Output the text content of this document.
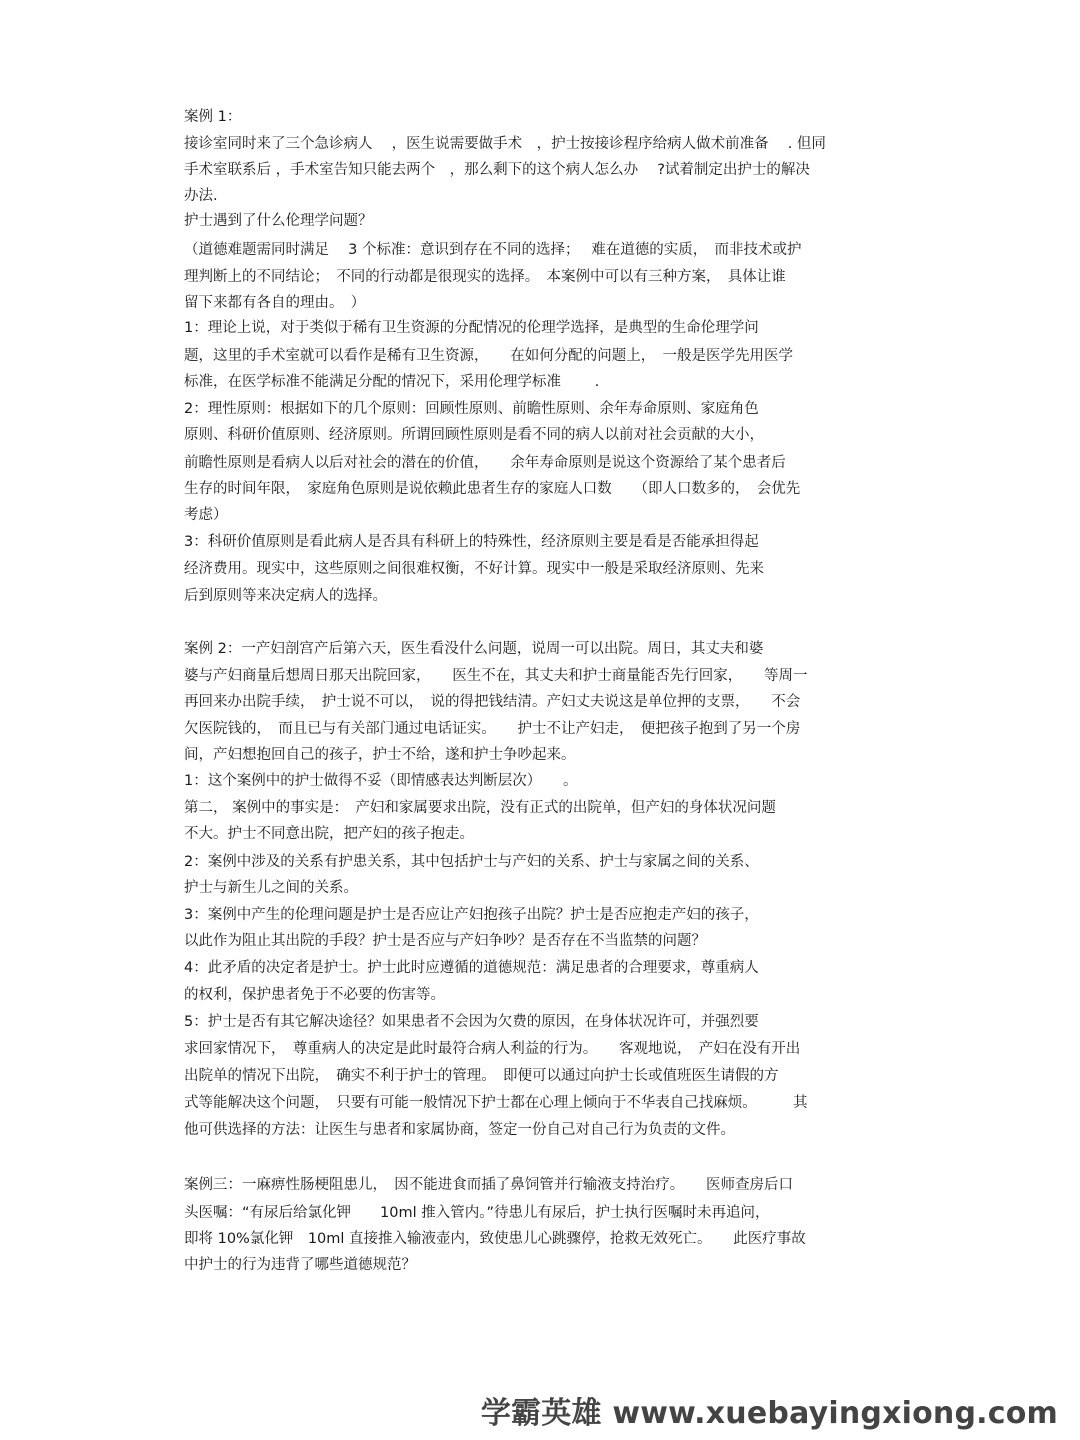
案例 1：
接诊室同时来了三个急诊病人　 ，医生说需要做手术　，护士按接诊程序给病人做术前准备　 . 但同
手术室联系后 ，手术室告知只能去两个　，那么剩下的这个病人怎么办　 ?试着制定出护士的解决
办法.
护士遇到了什么伦理学问题？
（道德难题需同时满足　 3 个标准：意识到存在不同的选择；　 难在道德的实质，　而非技术或护
理判断上的不同结论；　不同的行动都是很现实的选择。　本案例中可以有三种方案，　具体让谁
留下来都有各自的理由。　）
1：理论上说，对于类似于稀有卫生资源的分配情况的伦理学选择，是典型的生命伦理学问
题，这里的手术室就可以看作是稀有卫生资源，　　在如何分配的问题上，　一般是医学先用医学
标准，在医学标准不能满足分配的情况下，采用伦理学标准　　 .
2：理性原则：根据如下的几个原则：回顾性原则、前瞻性原则、余年寿命原则、家庭角色
原则、科研价值原则、经济原则。所谓回顾性原则是看不同的病人以前对社会贡献的大小，
前瞻性原则是看病人以后对社会的潜在的价值，　　余年寿命原则是说这个资源给了某个患者后
生存的时间年限，　家庭角色原则是说依赖此患者生存的家庭人口数　　（即人口数多的，　会优先
考虑）
3：科研价值原则是看此病人是否具有科研上的特殊性，经济原则主要是看是否能承担得起
经济费用。现实中，这些原则之间很难权衡，不好计算。现实中一般是采取经济原则、先来
后到原则等来决定病人的选择。
案例 2：一产妇剖宫产后第六天，医生看没什么问题，说周一可以出院。周日，其丈夫和婆
婆与产妇商量后想周日那天出院回家，　　医生不在，其丈夫和护士商量能否先行回家，　　等周一
再回来办出院手续，　护士说不可以，　说的得把钱结清。产妇丈夫说这是单位押的支票，　　不会
欠医院钱的，　而且已与有关部门通过电话证实。　　护士不让产妇走，　便把孩子抱到了另一个房
间，产妇想抱回自己的孩子，护士不给，遂和护士争吵起来。
1：这个案例中的护士做得不妥（即情感表达判断层次）　　。
第二， 案例中的事实是：　产妇和家属要求出院，没有正式的出院单，但产妇的身体状况问题
不大。护士不同意出院，把产妇的孩子抱走。
2：案例中涉及的关系有护患关系，其中包括护士与产妇的关系、护士与家属之间的关系、
护士与新生儿之间的关系。
3：案例中产生的伦理问题是护士是否应让产妇抱孩子出院？护士是否应抱走产妇的孩子，
以此作为阻止其出院的手段？护士是否应与产妇争吵？是否存在不当监禁的问题？
4：此矛盾的决定者是护士。护士此时应遵循的道德规范：满足患者的合理要求，尊重病人
的权利，保护患者免于不必要的伤害等。
5：护士是否有其它解决途径？如果患者不会因为欠费的原因，在身体状况许可，并强烈要
求回家情况下，　尊重病人的决定是此时最符合病人利益的行为。　　客观地说，　产妇在没有开出
出院单的情况下出院，　确实不利于护士的管理。　即便可以通过向护士长或值班医生请假的方
式等能解决这个问题，　只要有可能一般情况下护士都在心理上倾向于不华表自己找麻烦。　　　其
他可供选择的方法：让医生与患者和家属协商，签定一份自己对自己行为负责的文件。
案例三：一麻痹性肠梗阻患儿，　因不能进食而插了鼻饲管并行输液支持治疗。　　医师查房后口
头医嘱：“有尿后给氯化钾　　10ml 推入管内。”待患儿有尿后，护士执行医嘱时未再追问，
即将 10%氯化钾　10ml 直接推入输液壶内，致使患儿心跳骤停，抢救无效死亡。　　此医疗事故
中护士的行为违背了哪些道德规范？
学霸英雄 www.xuebayingxiong.com
